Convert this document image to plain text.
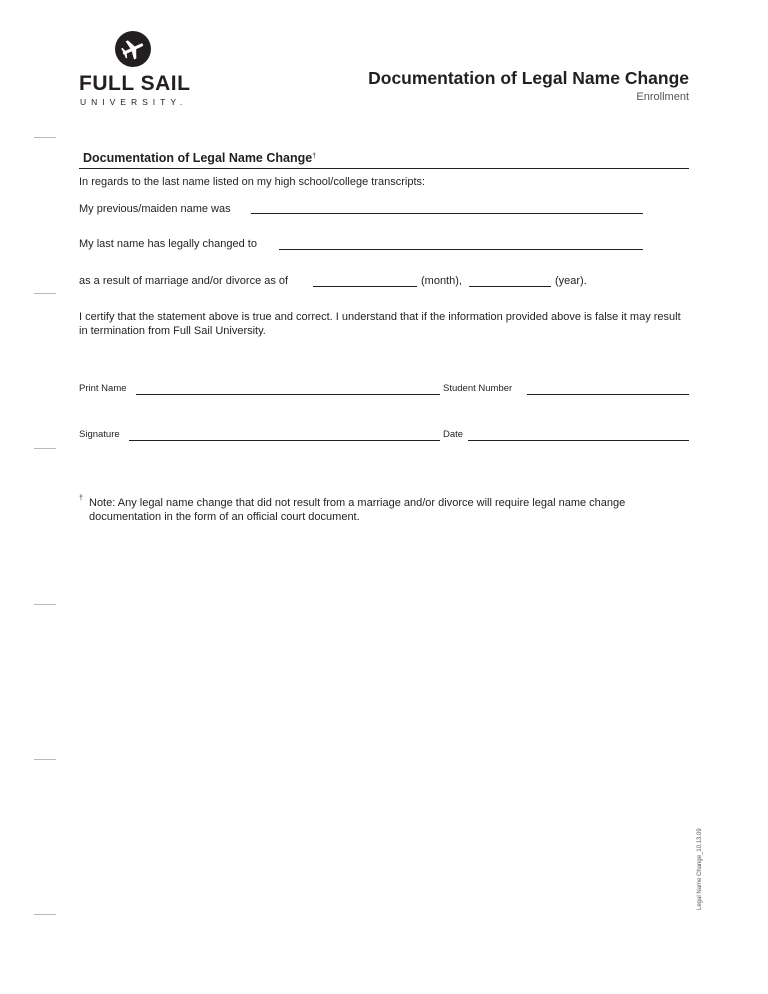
FULL SAIL
UNIVERSITY.
Documentation of Legal Name Change
Enrollment
Documentation of Legal Name Change†
In regards to the last name listed on my high school/college transcripts:
My previous/maiden name was
My last name has legally changed to
as a result of marriage and/or divorce as of	(month),	(year).
I certify that the statement above is true and correct. I understand that if the information provided above is false it may result in termination from Full Sail University.
Print Name	Student Number
Signature	Date
† Note: Any legal name change that did not result from a marriage and/or divorce will require legal name change documentation in the form of an official court document.
Legal Name Change_10.13.09
